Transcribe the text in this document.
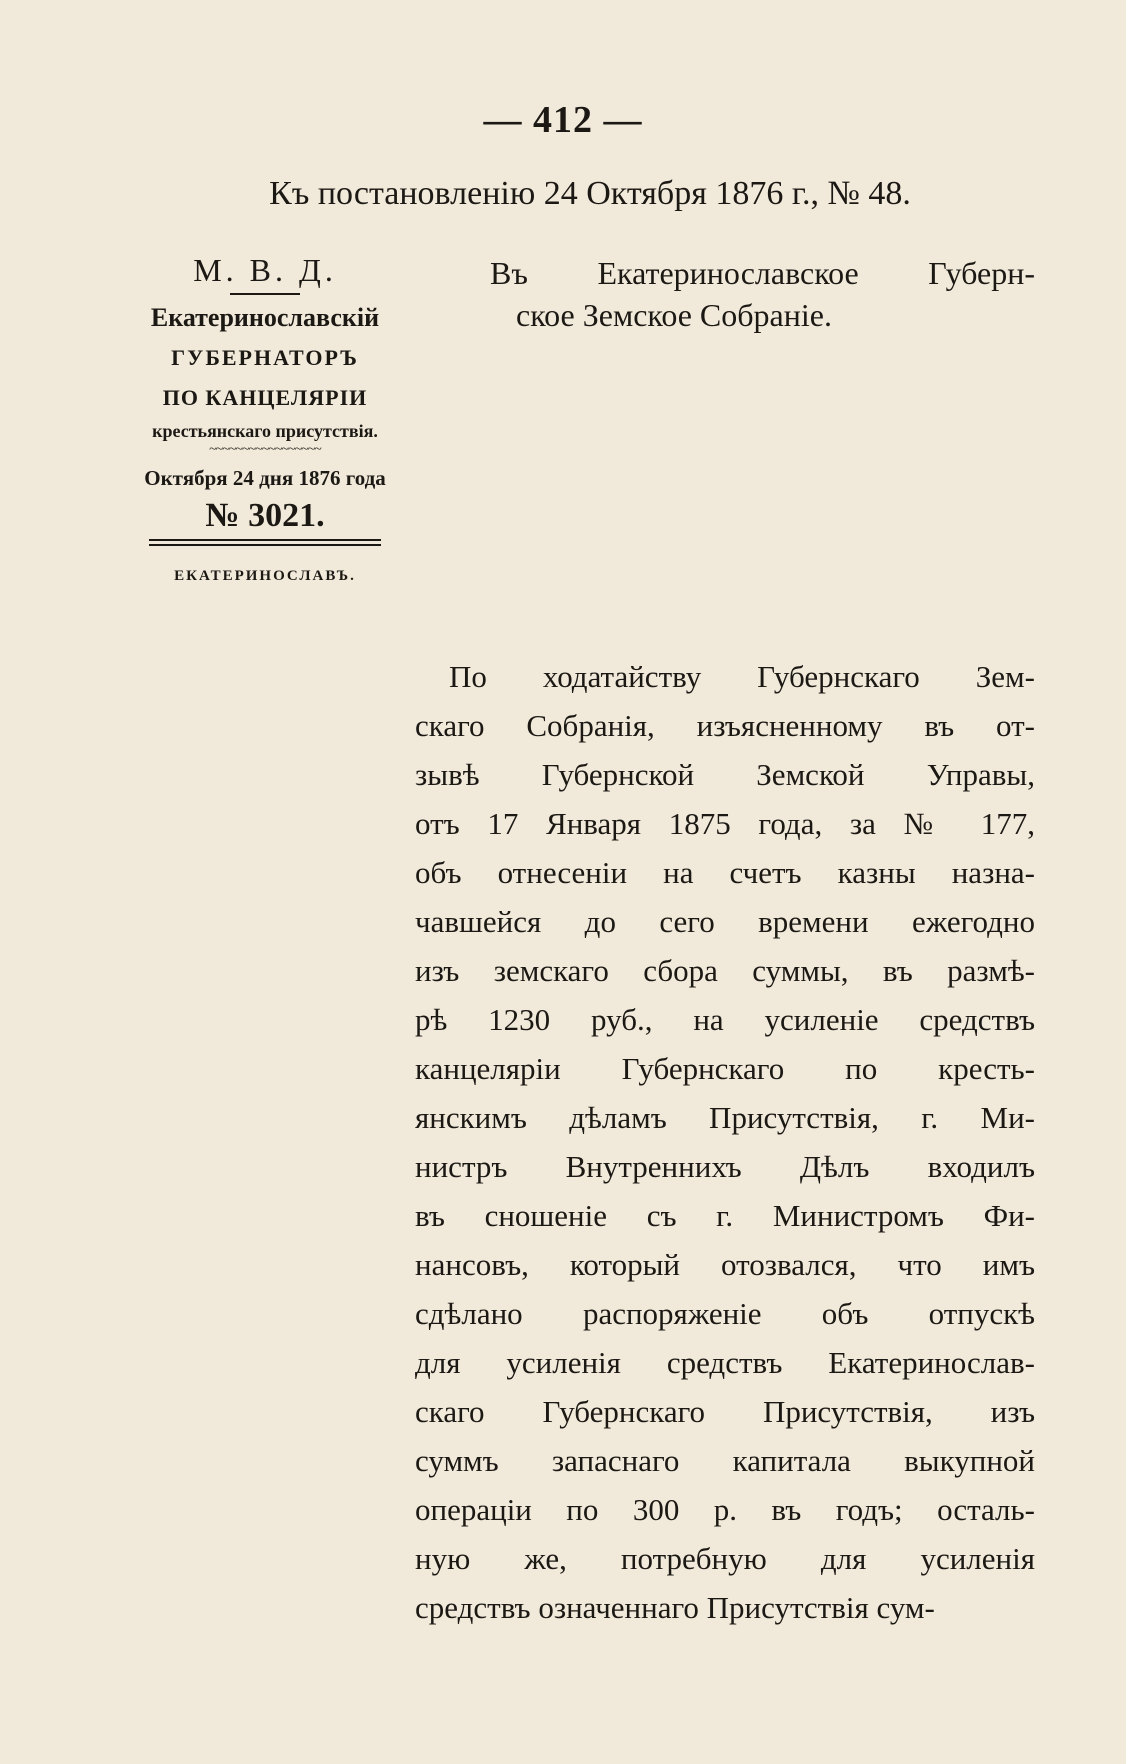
— 412 —
Къ постановленію 24 Октября 1876 г., № 48.
М. В. Д.
Екатеринославскій
ГУБЕРНАТОРЪ
ПО КАНЦЕЛЯРІИ
крестьянскаго присутствія.
~~~~~~~~~~~~~~~~~
Октября 24 дня 1876 года
№ 3021.
ЕКАТЕРИНОСЛАВЪ.
Въ Екатеринославское Губерн-
ское Земское Собраніе.
По ходатайству Губернскаго Зем-
скаго Собранія, изъясненному въ от-
зывѣ Губернской Земской Управы,
отъ 17 Января 1875 года, за № 177,
объ отнесеніи на счетъ казны назна-
чавшейся до сего времени ежегодно
изъ земскаго сбора суммы, въ размѣ-
рѣ 1230 руб., на усиленіе средствъ
канцеляріи Губернскаго по кресть-
янскимъ дѣламъ Присутствія, г. Ми-
нистръ Внутреннихъ Дѣлъ входилъ
въ сношеніе съ г. Министромъ Фи-
нансовъ, который отозвался, что имъ
сдѣлано распоряженіе объ отпускѣ
для усиленія средствъ Екатеринослав-
скаго Губернскаго Присутствія, изъ
суммъ запаснаго капитала выкупной
операціи по 300 р. въ годъ; осталь-
ную же, потребную для усиленія
средствъ означеннаго Присутствія сум-
